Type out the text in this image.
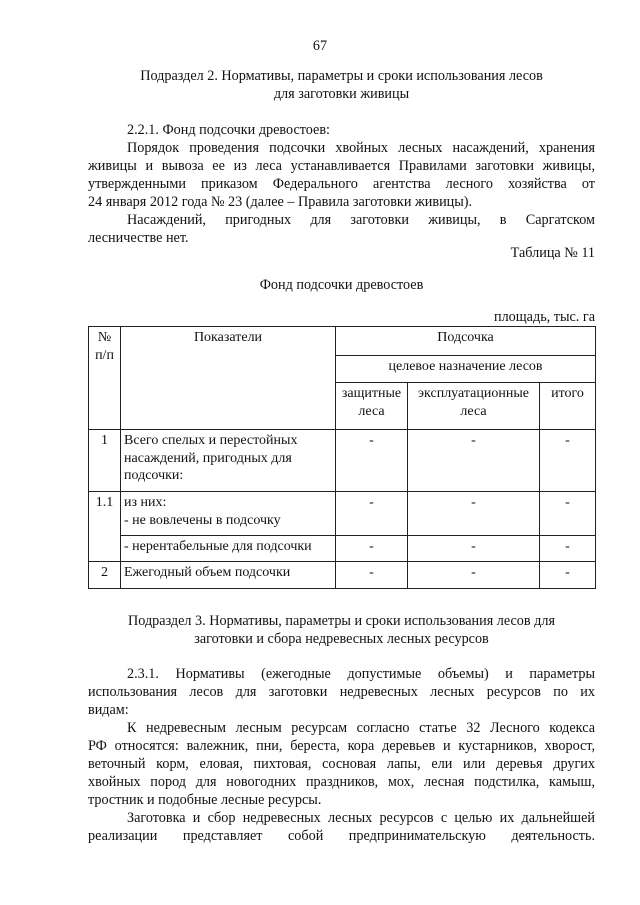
67
Подраздел 2. Нормативы, параметры и сроки использования лесов
для заготовки живицы
2.2.1. Фонд подсочки древостоев:
Порядок проведения подсочки хвойных лесных насаждений, хранения
живицы и вывоза ее из леса устанавливается Правилами заготовки живицы,
утвержденными приказом Федерального агентства лесного хозяйства от
24 января 2012 года № 23 (далее – Правила заготовки живицы).
Насаждений, пригодных для заготовки живицы, в Саргатском
лесничестве нет.
Таблица № 11
Фонд подсочки древостоев
площадь, тыс. га
№ п/п	Показатели	Подсочка		
		целевое назначение лесов		
		защитные леса	эксплуатационные леса	итого
1	Всего спелых и перестойных
насаждений, пригодных для
подсочки:	-	-	-
1.1	из них:
- не вовлечены в подсочку	-	-	-
	- нерентабельные для подсочки	-	-	-
2	Ежегодный объем подсочки	-	-	-
Подраздел 3. Нормативы, параметры и сроки использования лесов для
заготовки и сбора недревесных лесных ресурсов
2.3.1. Нормативы (ежегодные допустимые объемы) и параметры
использования лесов для заготовки недревесных лесных ресурсов по их
видам:
К недревесным лесным ресурсам согласно статье 32 Лесного кодекса
РФ относятся: валежник, пни, береста, кора деревьев и кустарников, хворост,
веточный корм, еловая, пихтовая, сосновая лапы, ели или деревья других
хвойных пород для новогодних праздников, мох, лесная подстилка, камыш,
тростник и подобные лесные ресурсы.
Заготовка и сбор недревесных лесных ресурсов с целью их дальнейшей
реализации представляет собой предпринимательскую деятельность.
